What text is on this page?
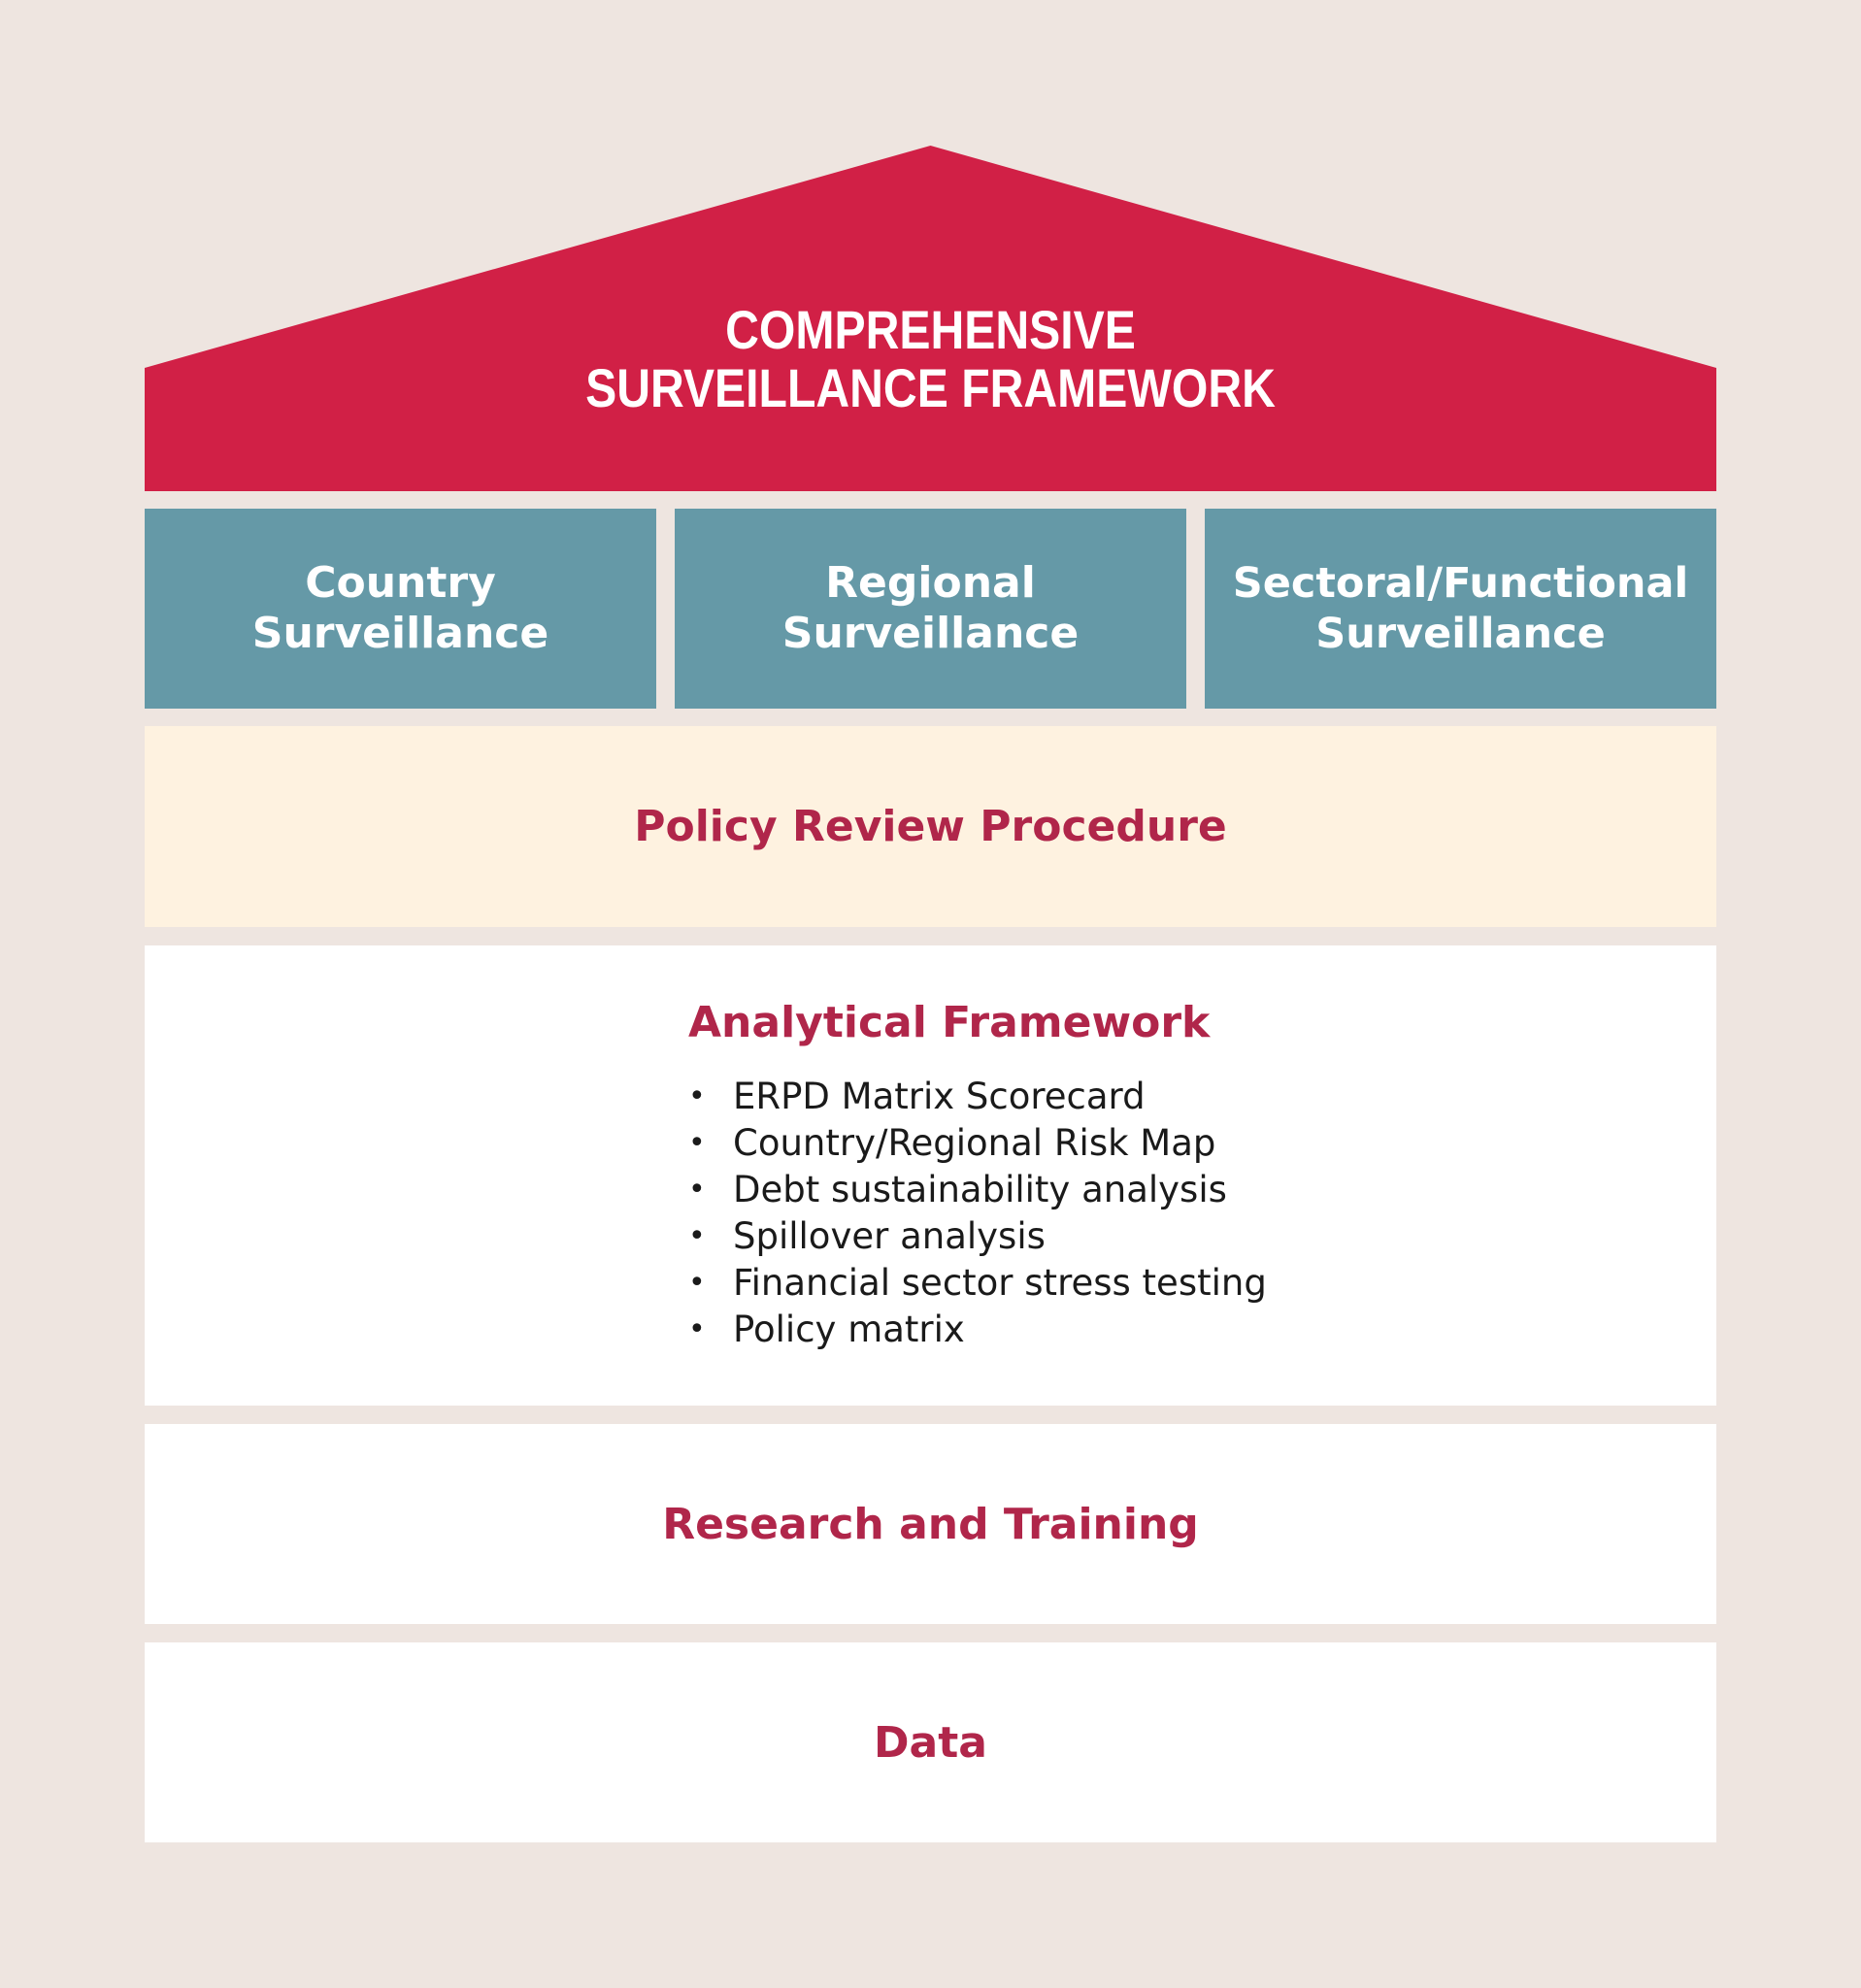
COMPREHENSIVE
SURVEILLANCE FRAMEWORK
Country
Surveillance
Regional
Surveillance
Sectoral/Functional
Surveillance
Policy Review Procedure
Analytical Framework
• ERPD Matrix Scorecard
• Country/Regional Risk Map
• Debt sustainability analysis
• Spillover analysis
• Financial sector stress testing
• Policy matrix
Research and Training
Data
